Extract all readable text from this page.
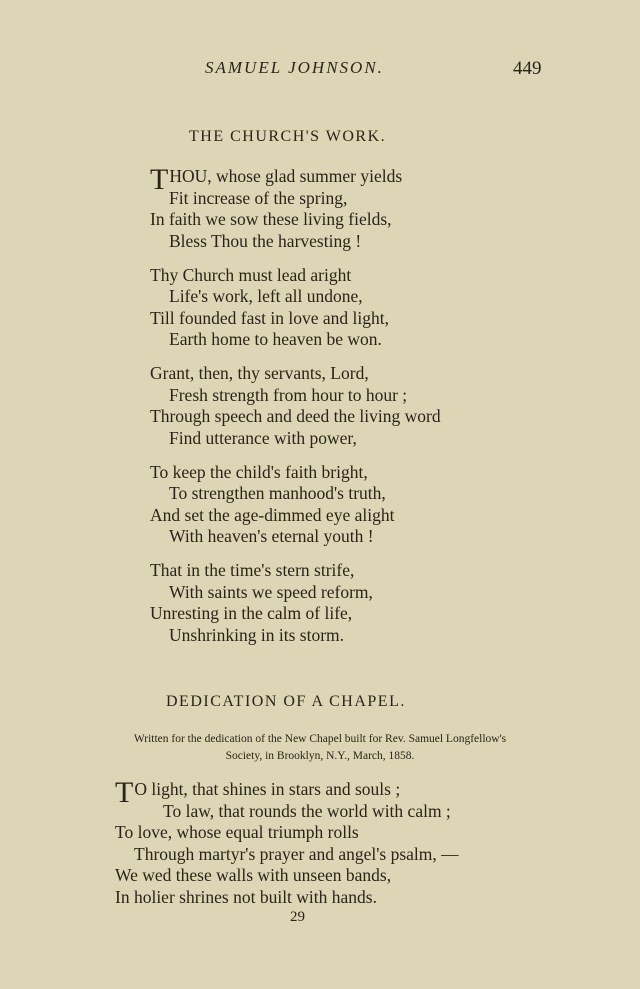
SAMUEL JOHNSON.	449
THE CHURCH'S WORK.
THOU, whose glad summer yields
Fit increase of the spring,
In faith we sow these living fields,
Bless Thou the harvesting !
Thy Church must lead aright
Life's work, left all undone,
Till founded fast in love and light,
Earth home to heaven be won.
Grant, then, thy servants, Lord,
Fresh strength from hour to hour ;
Through speech and deed the living word
Find utterance with power,
To keep the child's faith bright,
To strengthen manhood's truth,
And set the age-dimmed eye alight
With heaven's eternal youth !
That in the time's stern strife,
With saints we speed reform,
Unresting in the calm of life,
Unshrinking in its storm.
DEDICATION OF A CHAPEL.
Written for the dedication of the New Chapel built for Rev. Samuel Longfellow's
Society, in Brooklyn, N.Y., March, 1858.
TO light, that shines in stars and souls ;
To law, that rounds the world with calm ;
To love, whose equal triumph rolls
Through martyr's prayer and angel's psalm, —
We wed these walls with unseen bands,
In holier shrines not built with hands.
29
